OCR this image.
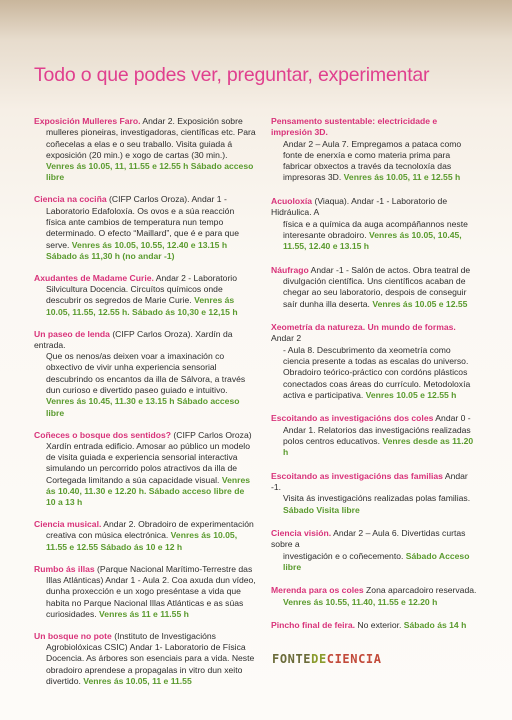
Todo o que podes ver, preguntar, experimentar
Exposición Mulleres Faro. Andar 2. Exposición sobre
mulleres pioneiras, investigadoras, científicas etc. Para coñecelas a elas e o seu traballo. Visita guiada á exposición (20 min.) e xogo de cartas (30 min.). Venres ás 10.05, 11, 11.55 e 12.55 h Sábado acceso libre
Ciencia na cociña (CIFP Carlos Oroza). Andar 1 -
Laboratorio Edafoloxía. Os ovos e a súa reacción física ante cambios de temperatura nun tempo determinado. O efecto “Maillard”, que é e para que serve. Venres ás 10.05, 10.55, 12.40 e 13.15 h Sábado ás 11,30 h (no andar -1)
Axudantes de Madame Curie. Andar 2 - Laboratorio
Silvicultura Docencia. Circuítos químicos onde descubrir os segredos de Marie Curie. Venres ás 10.05, 11.55, 12.55 h. Sábado ás 10,30 e 12,15 h
Un paseo de lenda (CIFP Carlos Oroza). Xardín da entrada.
Que os nenos/as deixen voar a imaxinación co obxectivo de vivir unha experiencia sensorial descubrindo os encantos da illa de Sálvora, a través dun curioso e divertido paseo guiado e intuitivo. Venres ás 10.45, 11.30 e 13.15 h Sábado acceso libre
Coñeces o bosque dos sentidos? (CIFP Carlos Oroza)
Xardín entrada edificio. Amosar ao público un modelo de visita guiada e experiencia sensorial interactiva simulando un percorrido polos atractivos da illa de Cortegada limitando a súa capacidade visual. Venres ás 10.40, 11.30 e 12.20 h. Sábado acceso libre de 10 a 13 h
Ciencia musical. Andar 2. Obradoiro de experimentación
creativa con música electrónica. Venres ás 10.05, 11.55 e 12.55 Sábado ás 10 e 12 h
Rumbo ás illas (Parque Nacional Marítimo-Terrestre das
Illas Atlánticas) Andar 1 - Aula 2. Coa axuda dun vídeo, dunha proxección e un xogo preséntase a vida que habita no Parque Nacional Illas Atlánticas e as súas curiosidades. Venres ás 11 e 11.55 h
Un bosque no pote (Instituto de Investigacións
Agrobiolóxicas CSIC) Andar 1- Laboratorio de Física Docencia. As árbores son esenciais para a vida. Neste obradoiro aprendese a propagalas in vitro dun xeito divertido. Venres ás 10.05, 11 e 11.55
Pensamento sustentable: electricidade e impresión 3D.
Andar 2 – Aula 7. Empregamos a pataca como fonte de enerxía e como materia prima para fabricar obxectos a través da tecnoloxía das impresoras 3D. Venres ás 10.05, 11 e 12.55 h
Acuoloxía (Viaqua). Andar -1 - Laboratorio de Hidráulica. A
física e a química da auga acompáñannos neste interesante obradoiro. Venres ás 10.05, 10.45, 11.55, 12.40 e 13.15 h
Náufrago Andar -1 - Salón de actos. Obra teatral de
divulgación científica. Uns científicos acaban de chegar ao seu laboratorio, despois de conseguir saír dunha illa deserta. Venres ás 10.05 e 12.55
Xeometría da natureza. Un mundo de formas. Andar 2
- Aula 8. Descubrimento da xeometría como ciencia presente a todas as escalas do universo. Obradoiro teórico-práctico con cordóns plásticos conectados coas áreas do currículo. Metodoloxía activa e participativa. Venres 10.05 e 12.55 h
Escoitando as investigacións dos coles Andar 0 -
Andar 1. Relatorios das investigacións realizadas polos centros educativos. Venres desde as 11.20 h
Escoitando as investigacións das familias Andar -1.
Visita ás investigacións realizadas polas familias. Sábado Visita libre
Ciencia visión. Andar 2 – Aula 6. Divertidas curtas sobre a
investigación e o coñecemento. Sábado Acceso libre
Merenda para os coles Zona aparcadoiro reservada.
Venres ás 10.55, 11.40, 11.55 e 12.20 h
Pincho final de feira. No exterior. Sábado ás 14 h
FONTEDECIENCIA
